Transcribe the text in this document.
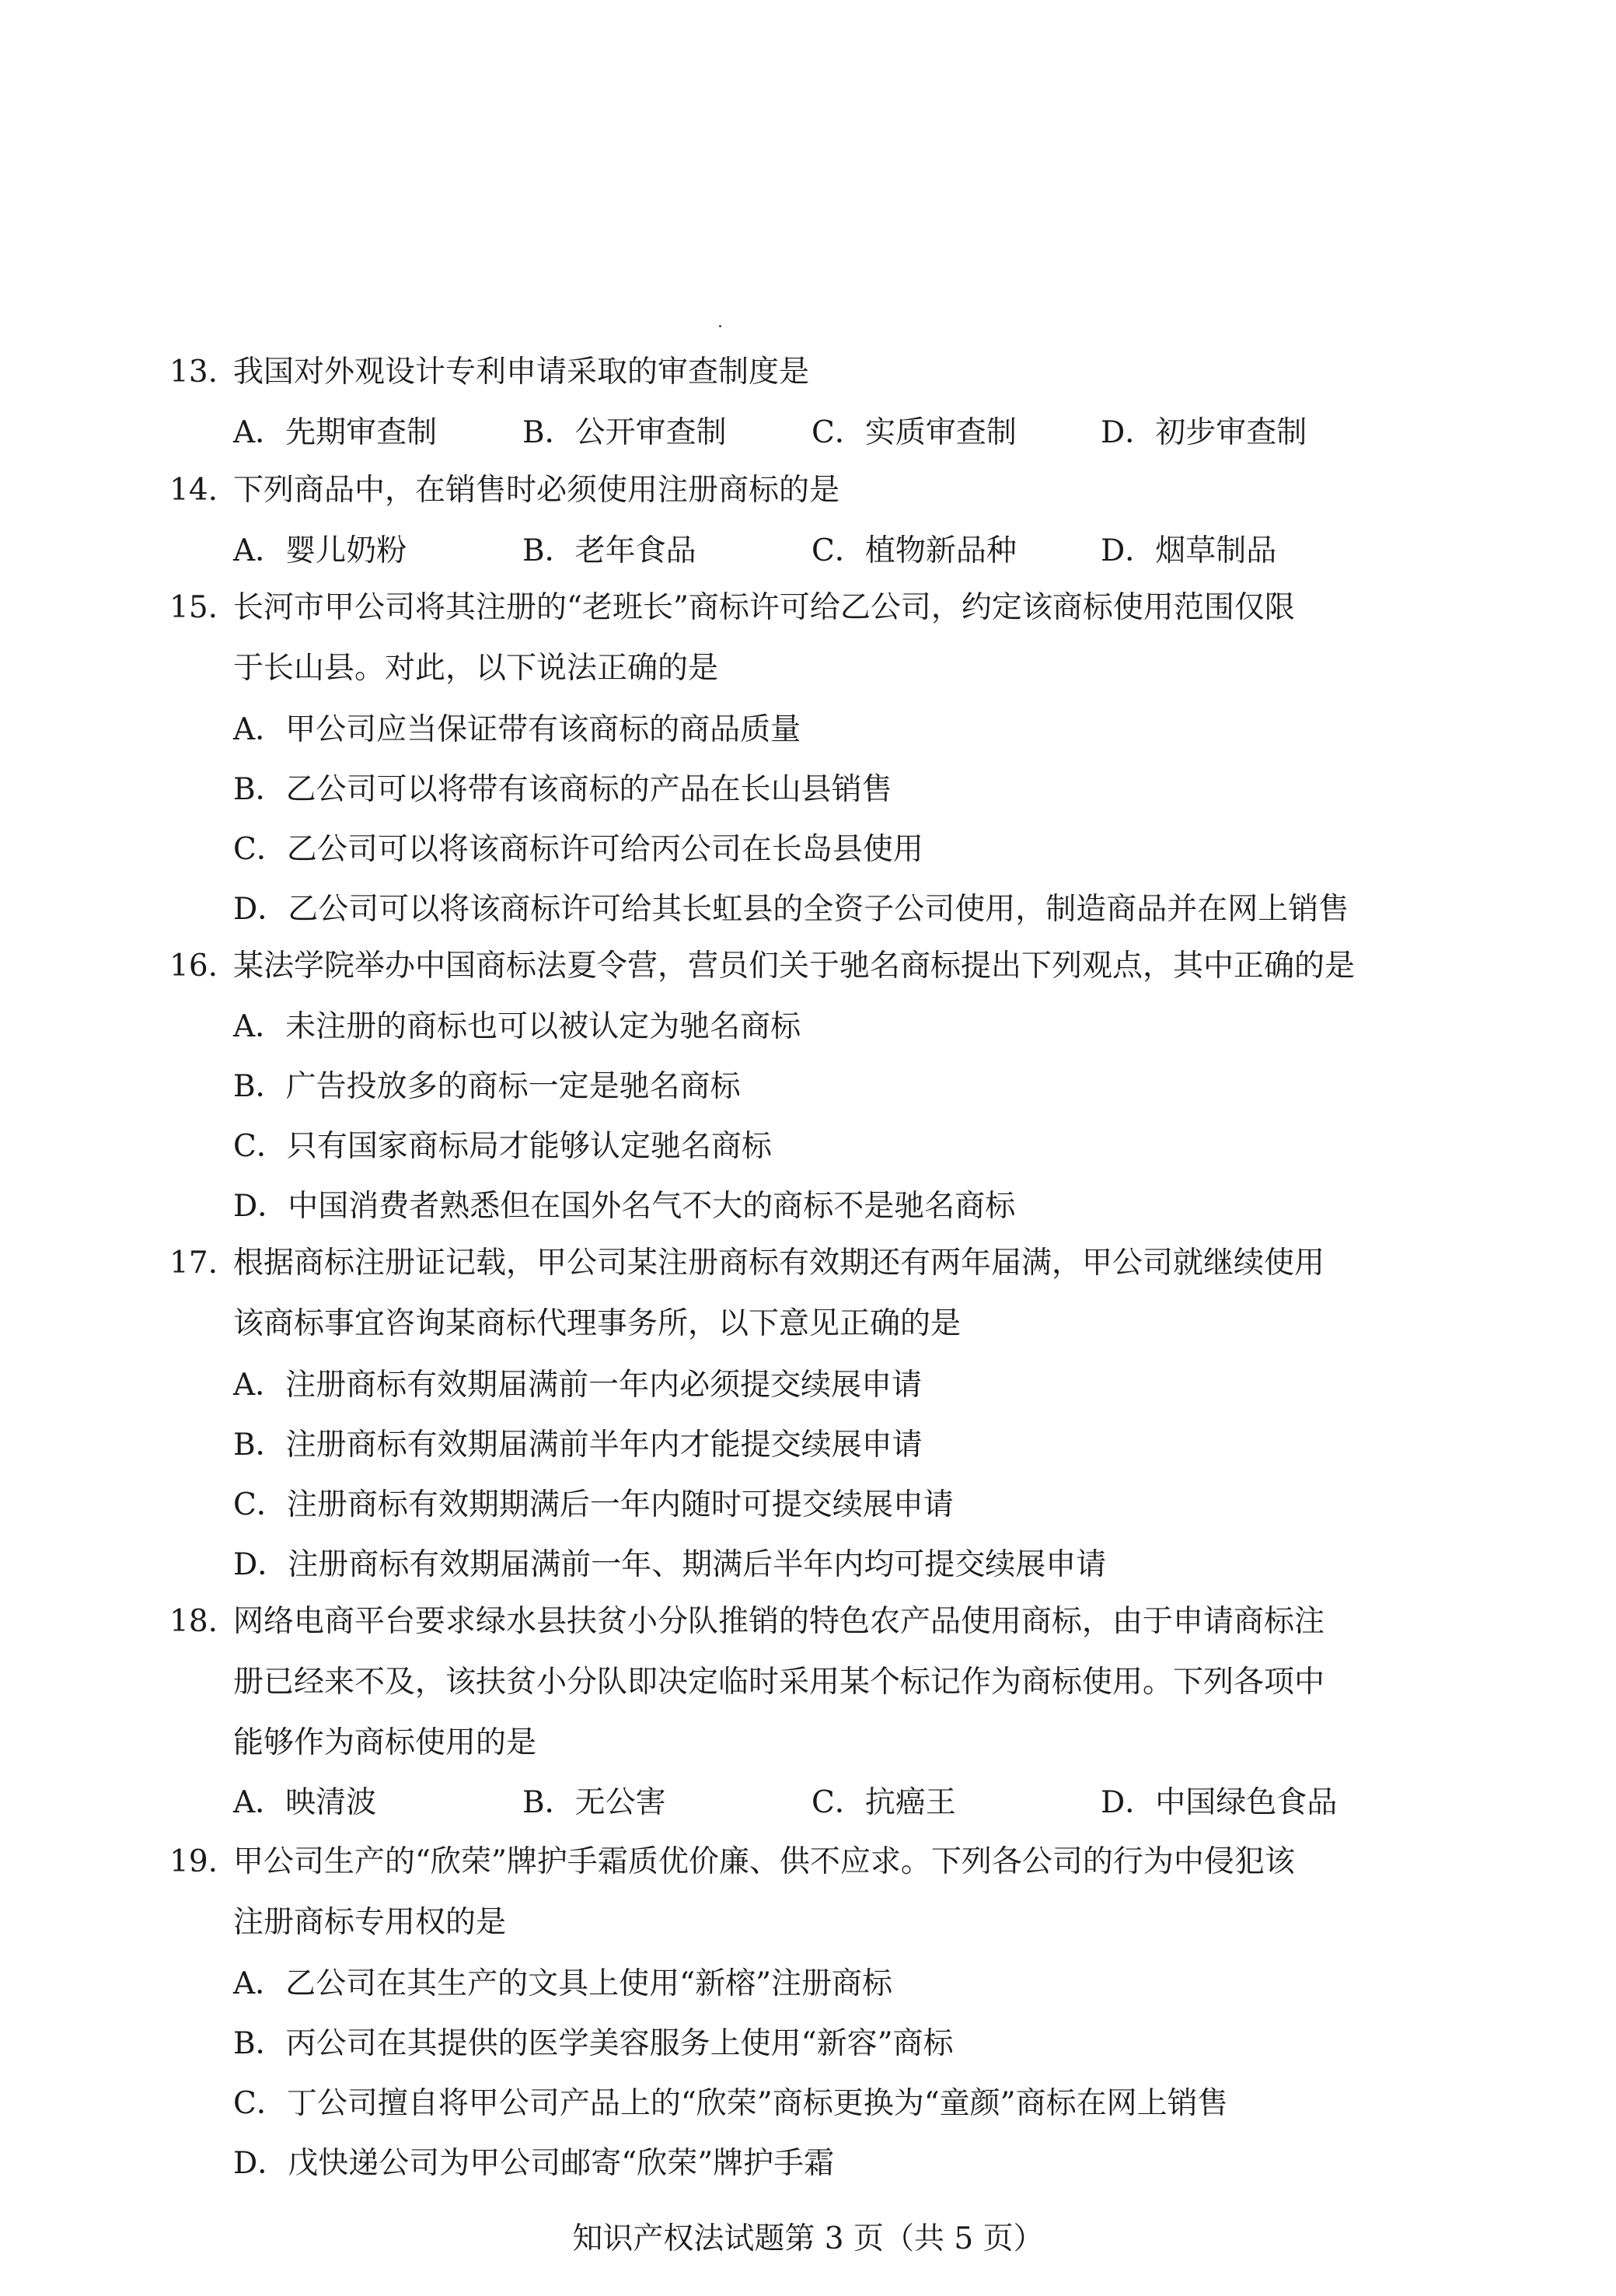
13. 我国对外观设计专利申请采取的审查制度是
A．先期审查制	B．公开审查制	C．实质审查制	D．初步审查制
14. 下列商品中，在销售时必须使用注册商标的是
A．婴儿奶粉	B．老年食品	C．植物新品种	D．烟草制品
15. 长河市甲公司将其注册的“老班长”商标许可给乙公司，约定该商标使用范围仅限
于长山县。对此，以下说法正确的是
A．甲公司应当保证带有该商标的商品质量
B．乙公司可以将带有该商标的产品在长山县销售
C．乙公司可以将该商标许可给丙公司在长岛县使用
D．乙公司可以将该商标许可给其长虹县的全资子公司使用，制造商品并在网上销售
16. 某法学院举办中国商标法夏令营，营员们关于驰名商标提出下列观点，其中正确的是
A．未注册的商标也可以被认定为驰名商标
B．广告投放多的商标一定是驰名商标
C．只有国家商标局才能够认定驰名商标
D．中国消费者熟悉但在国外名气不大的商标不是驰名商标
17. 根据商标注册证记载，甲公司某注册商标有效期还有两年届满，甲公司就继续使用
该商标事宜咨询某商标代理事务所，以下意见正确的是
A．注册商标有效期届满前一年内必须提交续展申请
B．注册商标有效期届满前半年内才能提交续展申请
C．注册商标有效期期满后一年内随时可提交续展申请
D．注册商标有效期届满前一年、期满后半年内均可提交续展申请
18. 网络电商平台要求绿水县扶贫小分队推销的特色农产品使用商标，由于申请商标注
册已经来不及，该扶贫小分队即决定临时采用某个标记作为商标使用。下列各项中
能够作为商标使用的是
A．映清波	B．无公害	C．抗癌王	D．中国绿色食品
19. 甲公司生产的“欣荣”牌护手霜质优价廉、供不应求。下列各公司的行为中侵犯该
注册商标专用权的是
A．乙公司在其生产的文具上使用“新榕”注册商标
B．丙公司在其提供的医学美容服务上使用“新容”商标
C．丁公司擅自将甲公司产品上的“欣荣”商标更换为“童颜”商标在网上销售
D．戊快递公司为甲公司邮寄“欣荣”牌护手霜
知识产权法试题第 3 页（共 5 页）
